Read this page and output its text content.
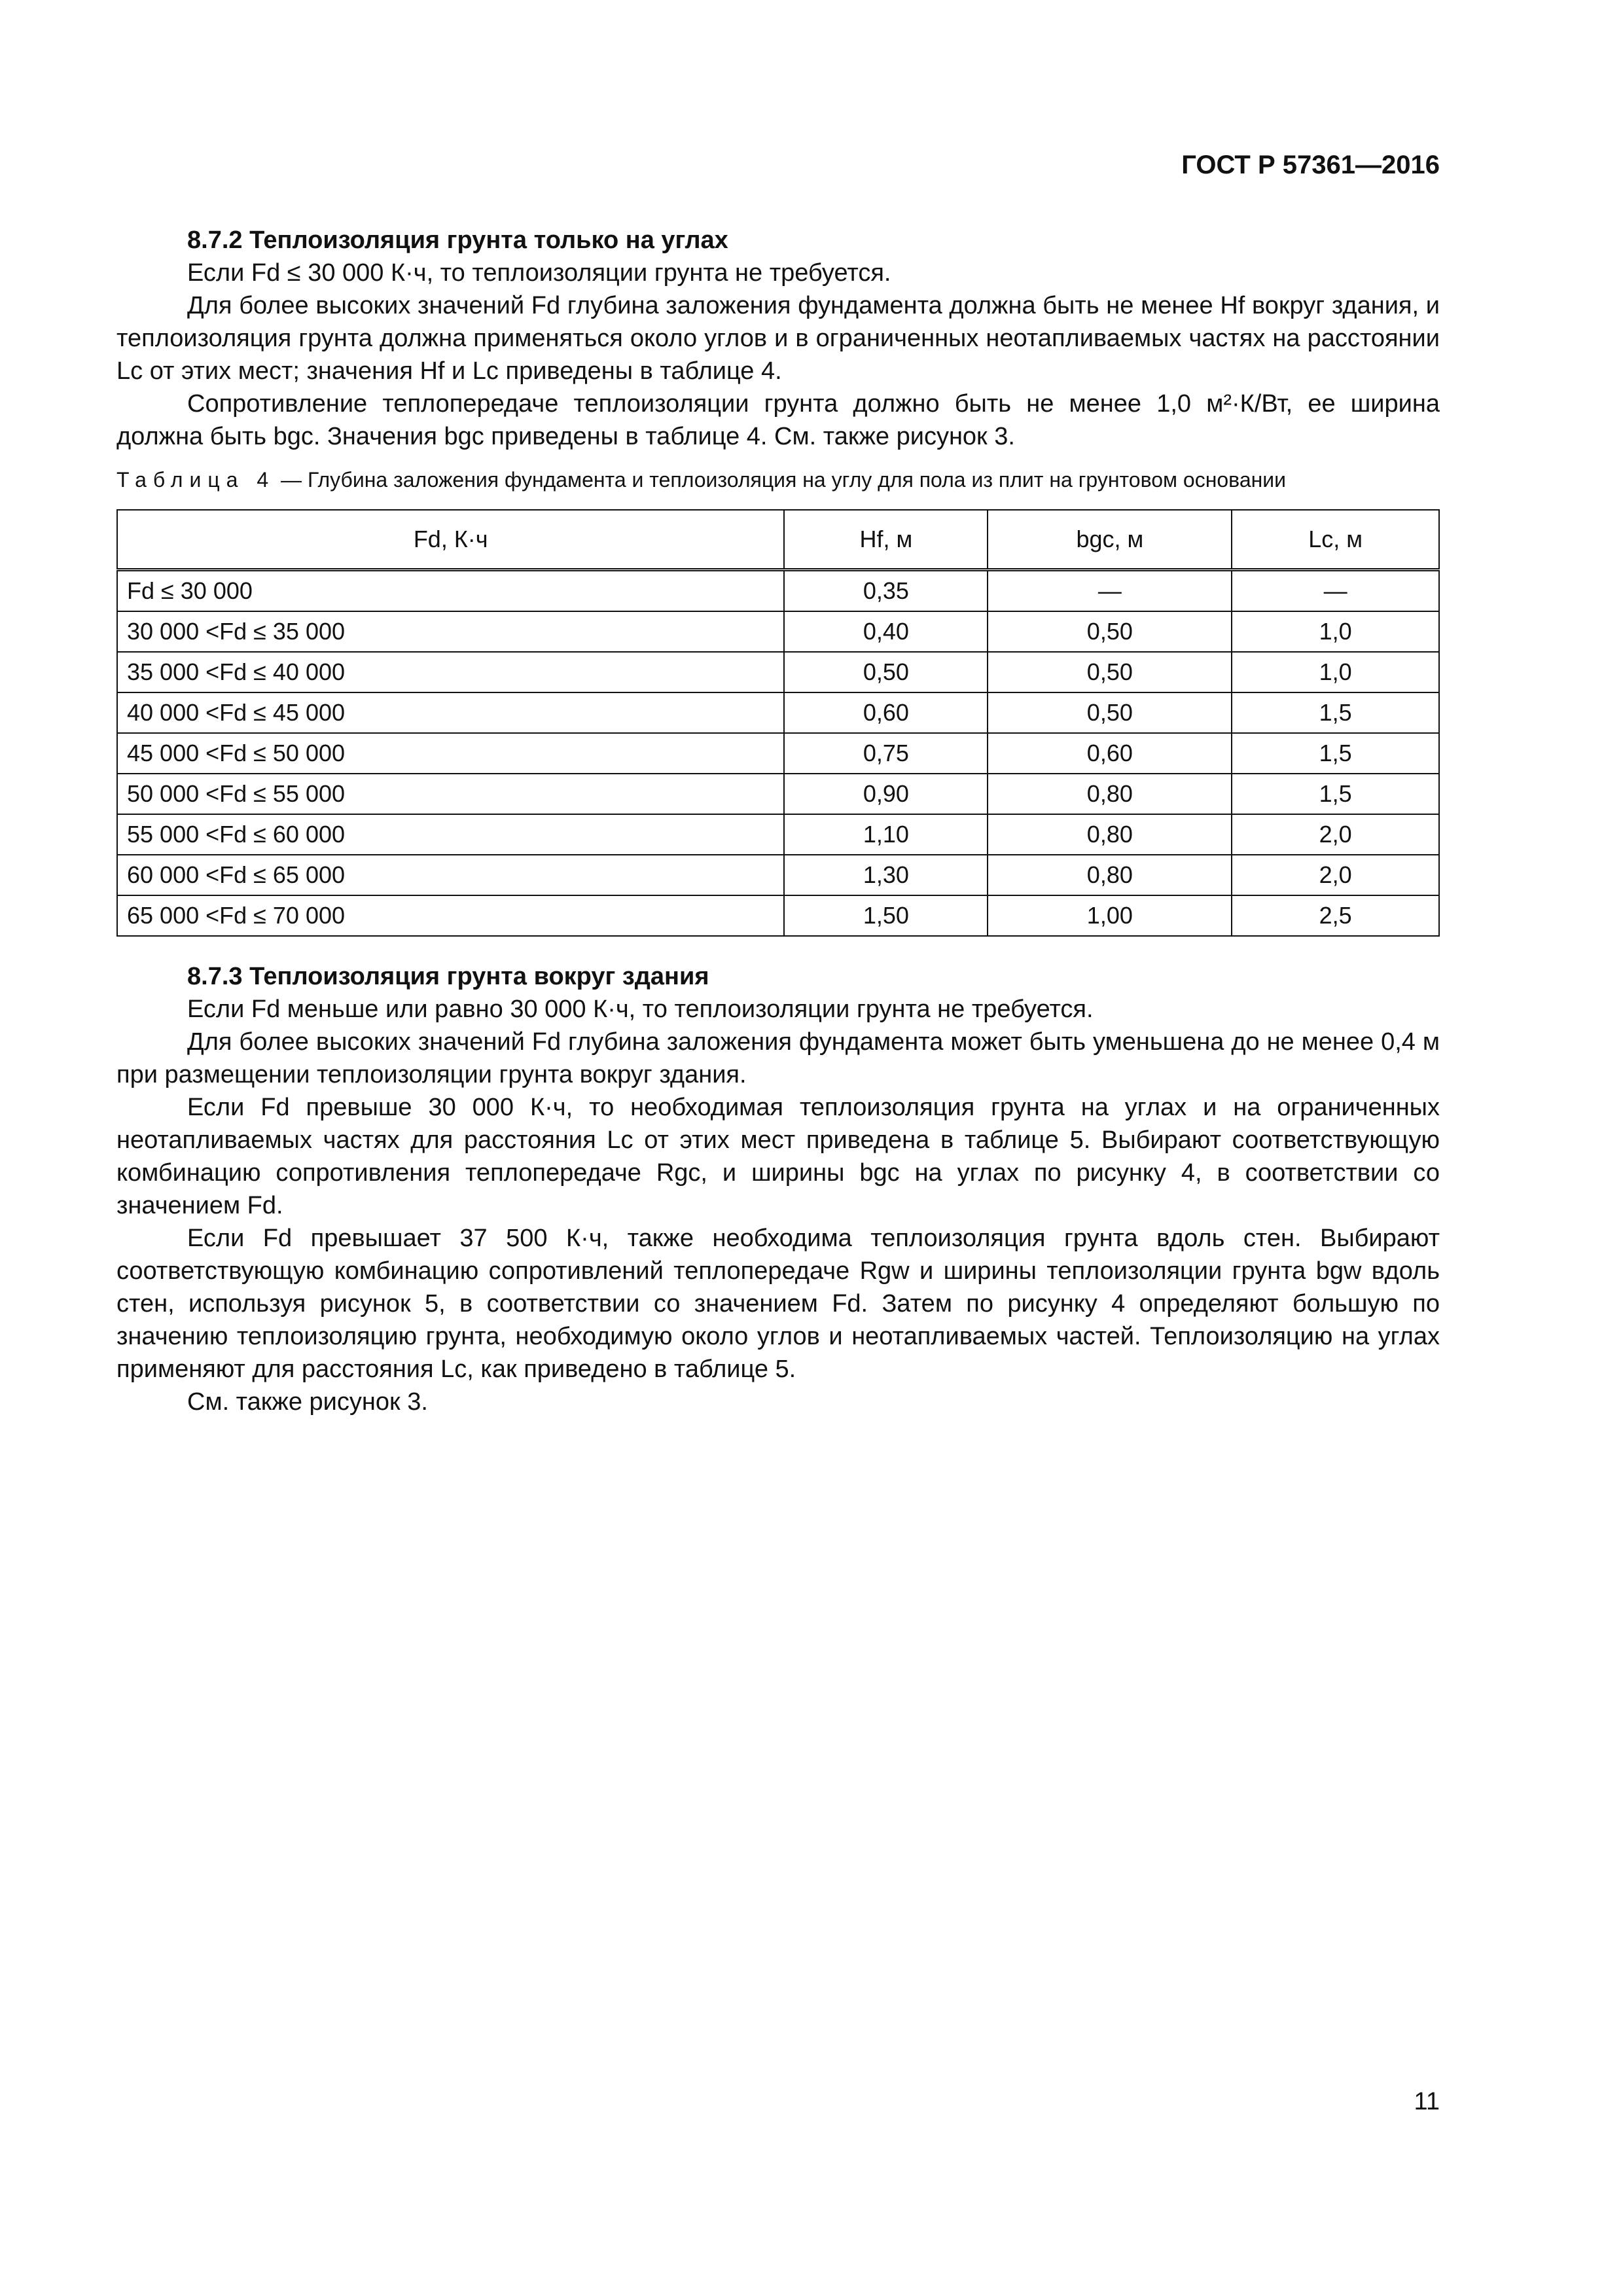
ГОСТ Р 57361—2016

8.7.2 Теплоизоляция грунта только на углах

Если Fd ≤ 30 000 К·ч, то теплоизоляции грунта не требуется.

Для более высоких значений Fd глубина заложения фундамента должна быть не менее Hf вокруг здания, и теплоизоляция грунта должна применяться около углов и в ограниченных неотапливаемых частях на расстоянии Lc от этих мест; значения Hf и Lc приведены в таблице 4.

Сопротивление теплопередаче теплоизоляции грунта должно быть не менее 1,0 м²·К/Вт, ее ширина должна быть bgc. Значения bgc приведены в таблице 4. См. также рисунок 3.

Таблица 4 — Глубина заложения фундамента и теплоизоляция на углу для пола из плит на грунтовом основании

Fd, К·ч	Hf, м	bgc, м	Lc, м
Fd ≤ 30 000	0,35	—	—
30 000 <Fd ≤ 35 000	0,40	0,50	1,0
35 000 <Fd ≤ 40 000	0,50	0,50	1,0
40 000 <Fd ≤ 45 000	0,60	0,50	1,5
45 000 <Fd ≤ 50 000	0,75	0,60	1,5
50 000 <Fd ≤ 55 000	0,90	0,80	1,5
55 000 <Fd ≤ 60 000	1,10	0,80	2,0
60 000 <Fd ≤ 65 000	1,30	0,80	2,0
65 000 <Fd ≤ 70 000	1,50	1,00	2,5

8.7.3 Теплоизоляция грунта вокруг здания

Если Fd меньше или равно 30 000 К·ч, то теплоизоляции грунта не требуется.

Для более высоких значений Fd глубина заложения фундамента может быть уменьшена до не менее 0,4 м при размещении теплоизоляции грунта вокруг здания.

Если Fd превыше 30 000 К·ч, то необходимая теплоизоляция грунта на углах и на ограниченных неотапливаемых частях для расстояния Lc от этих мест приведена в таблице 5. Выбирают соответствующую комбинацию сопротивления теплопередаче Rgc, и ширины bgc на углах по рисунку 4, в соответствии со значением Fd.

Если Fd превышает 37 500 К·ч, также необходима теплоизоляция грунта вдоль стен. Выбирают соответствующую комбинацию сопротивлений теплопередаче Rgw и ширины теплоизоляции грунта bgw вдоль стен, используя рисунок 5, в соответствии со значением Fd. Затем по рисунку 4 определяют большую по значению теплоизоляцию грунта, необходимую около углов и неотапливаемых частей. Теплоизоляцию на углах применяют для расстояния Lc, как приведено в таблице 5.

См. также рисунок 3.

11
